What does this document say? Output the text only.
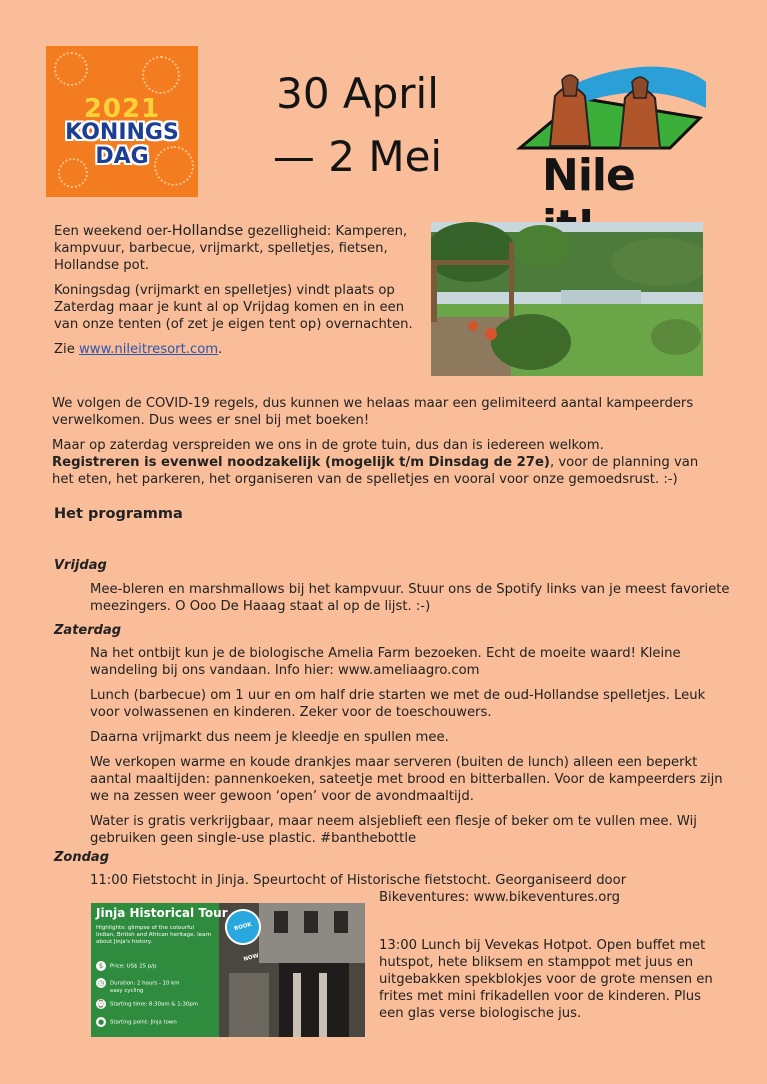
2021
KONINGS
DAG
30 April
— 2 Mei	Nile

Een weekend oer-Hollandse gezelligheid: Kamperen, kampvuur, barbecue, vrijmarkt, spelletjes, fietsen, Hollandse pot.

Koningsdag (vrijmarkt en spelletjes) vindt plaats op Zaterdag maar je kunt al op Vrijdag komen en in een van onze tenten (of zet je eigen tent op) overnachten.

Zie www.nileitresort.com.

We volgen de COVID-19 regels, dus kunnen we helaas maar een gelimiteerd aantal kampeerders verwelkomen. Dus wees er snel bij met boeken!

Maar op zaterdag verspreiden we ons in de grote tuin, dus dan is iedereen welkom.
Registreren is evenwel noodzakelijk (mogelijk t/m Dinsdag de 27e), voor de planning van het eten, het parkeren, het organiseren van de spelletjes en vooral voor onze gemoedsrust. :-)

Het programma
Vrijdag
Mee-bleren en marshmallows bij het kampvuur. Stuur ons de Spotify links van je meest favoriete meezingers. O Ooo De Haaag staat al op de lijst. :-)
Zaterdag

Na het ontbijt kun je de biologische Amelia Farm bezoeken. Echt de moeite waard! Kleine wandeling bij ons vandaan. Info hier: www.ameliaagro.com

Lunch (barbecue) om 1 uur en om half drie starten we met de oud-Hollandse spelletjes. Leuk voor volwassenen en kinderen. Zeker voor de toeschouwers.

Daarna vrijmarkt dus neem je kleedje en spullen mee.

We verkopen warme en koude drankjes maar serveren (buiten de lunch) alleen een beperkt aantal maaltijden: pannenkoeken, sateetje met brood en bitterballen. Voor de kampeerders zijn we na zessen weer gewoon ‘open’ voor de avondmaaltijd.

Water is gratis verkrijgbaar, maar neem alsjeblieft een flesje of beker om te vullen mee. Wij gebruiken geen single-use plastic. #banthebottle

Zondag
11:00 Fietstocht in Jinja. Speurtocht of Historische fietstocht. Georganiseerd door
Bikeventures: www.bikeventures.org
13:00 Lunch bij Vevekas Hotpot. Open buffet met hutspot, hete bliksem en stamppot met juus en uitgebakken spekblokjes voor de grote mensen en frites met mini frikadellen voor de kinderen. Plus een glas verse biologische jus.
Jinja Historical Tour
Highlights: glimpse of the colourful Indian, British and African heritage, learn about Jinja's history.
$ Price: US$ 25 p/p
◷ Duration: 2 hours - 10 km
easy cycling
⌚ Starting time: 8:30am & 1:30pm
● Starting point: Jinja town
BOOK NOW
